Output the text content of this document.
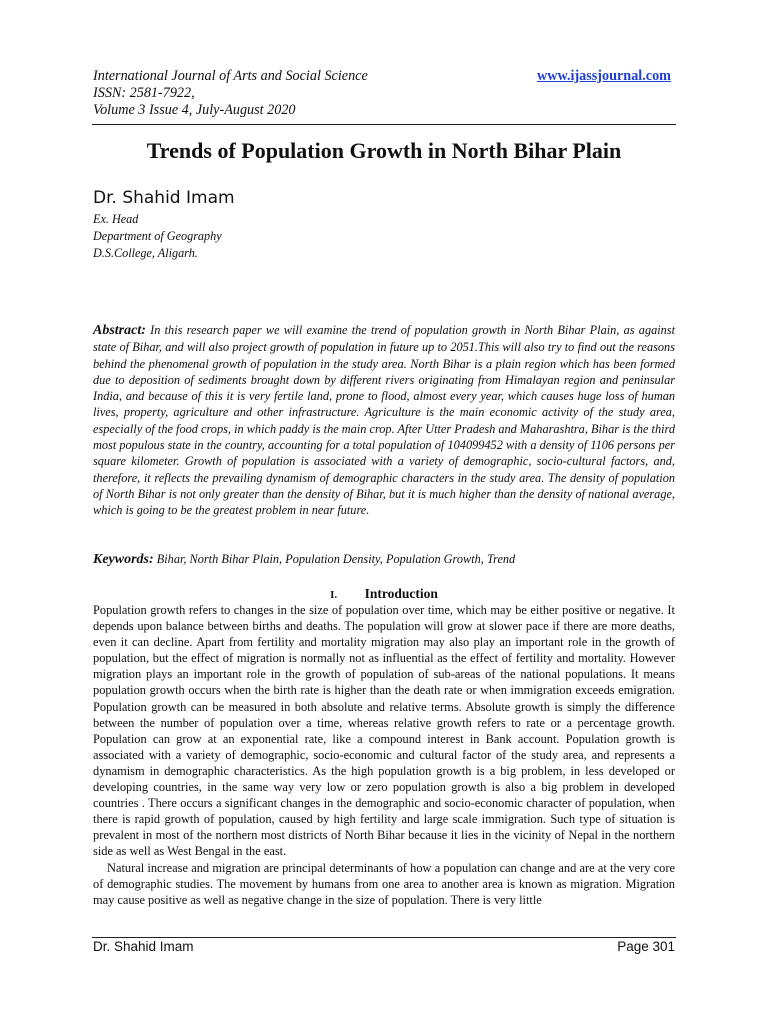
International Journal of Arts and Social Science
ISSN: 2581-7922,
Volume 3 Issue 4, July-August 2020
www.ijassjournal.com
Trends of Population Growth in North Bihar Plain
Dr. Shahid Imam
Ex. Head
Department of Geography
D.S.College, Aligarh.
Abstract: In this research paper we will examine the trend of population growth in North Bihar Plain, as against state of Bihar, and will also project growth of population in future up to 2051.This will also try to find out the reasons behind the phenomenal growth of population in the study area. North Bihar is a plain region which has been formed due to deposition of sediments brought down by different rivers originating from Himalayan region and peninsular India, and because of this it is very fertile land, prone to flood, almost every year, which causes huge loss of human lives, property, agriculture and other infrastructure. Agriculture is the main economic activity of the study area, especially of the food crops, in which paddy is the main crop. After Utter Pradesh and Maharashtra, Bihar is the third most populous state in the country, accounting for a total population of 104099452 with a density of 1106 persons per square kilometer. Growth of population is associated with a variety of demographic, socio-cultural factors, and, therefore, it reflects the prevailing dynamism of demographic characters in the study area. The density of population of North Bihar is not only greater than the density of Bihar, but it is much higher than the density of national average, which is going to be the greatest problem in near future.
Keywords: Bihar, North Bihar Plain, Population Density, Population Growth, Trend
I. Introduction

Population growth refers to changes in the size of population over time, which may be either positive or negative. It depends upon balance between births and deaths. The population will grow at slower pace if there are more deaths, even it can decline. Apart from fertility and mortality migration may also play an important role in the growth of population, but the effect of migration is normally not as influential as the effect of fertility and mortality. However migration plays an important role in the growth of population of sub-areas of the national populations. It means population growth occurs when the birth rate is higher than the death rate or when immigration exceeds emigration. Population growth can be measured in both absolute and relative terms. Absolute growth is simply the difference between the number of population over a time, whereas relative growth refers to rate or a percentage growth. Population can grow at an exponential rate, like a compound interest in Bank account. Population growth is associated with a variety of demographic, socio-economic and cultural factor of the study area, and represents a dynamism in demographic characteristics. As the high population growth is a big problem, in less developed or developing countries, in the same way very low or zero population growth is also a big problem in developed countries . There occurs a significant changes in the demographic and socio-economic character of population, when there is rapid growth of population, caused by high fertility and large scale immigration. Such type of situation is prevalent in most of the northern most districts of North Bihar because it lies in the vicinity of Nepal in the northern side as well as West Bengal in the east.

Natural increase and migration are principal determinants of how a population can change and are at the very core of demographic studies. The movement by humans from one area to another area is known as migration. Migration may cause positive as well as negative change in the size of population. There is very little

Dr. Shahid Imam	Page 301
